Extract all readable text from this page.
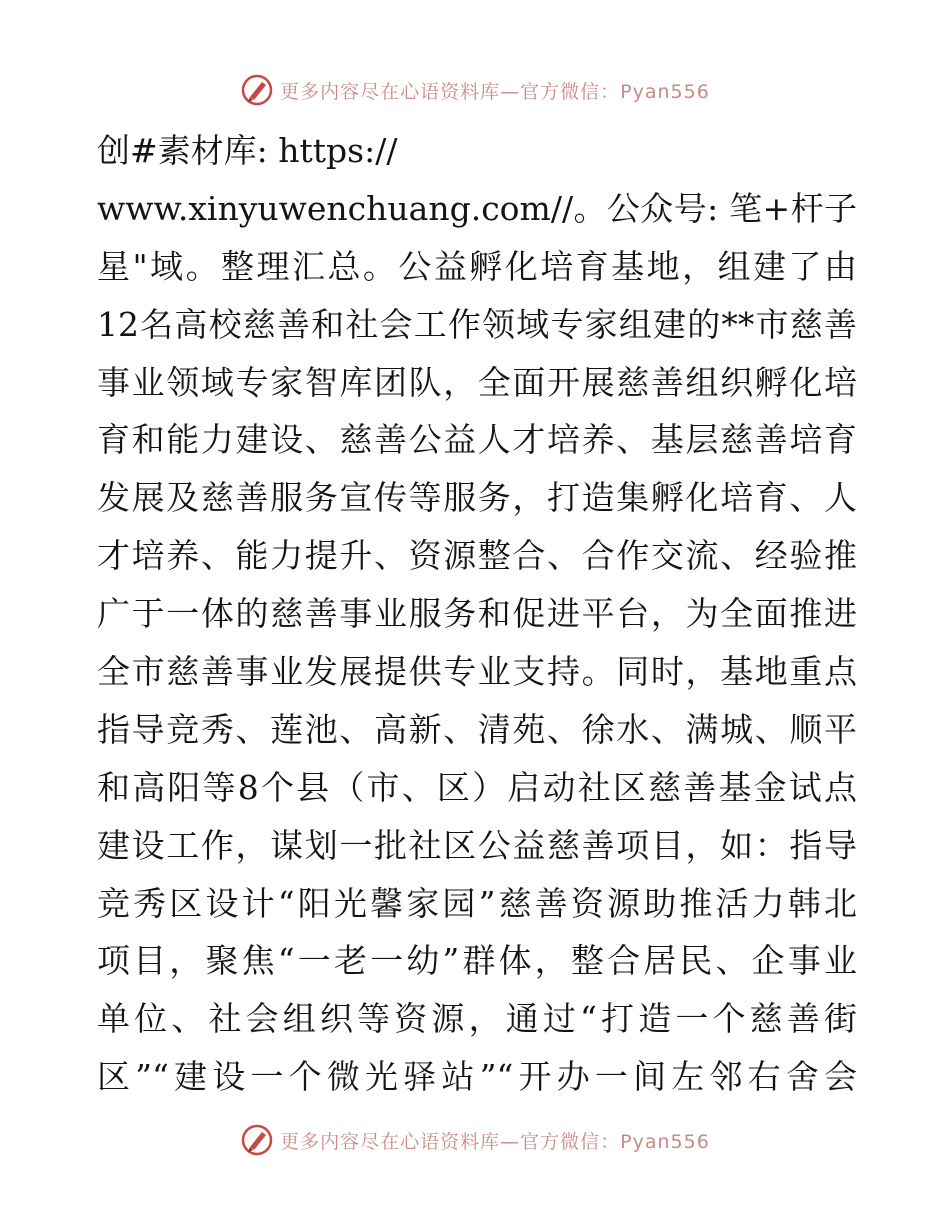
更多内容尽在心语资料库—官方微信：Pyan556
创#素材库: https://
www.xinyuwenchuang.com//。公众号: 笔+杆子
星"域。整理汇总。公益孵化培育基地，组建了由
12名高校慈善和社会工作领域专家组建的**市慈善
事业领域专家智库团队，全面开展慈善组织孵化培
育和能力建设、慈善公益人才培养、基层慈善培育
发展及慈善服务宣传等服务，打造集孵化培育、人
才培养、能力提升、资源整合、合作交流、经验推
广于一体的慈善事业服务和促进平台，为全面推进
全市慈善事业发展提供专业支持。同时，基地重点
指导竞秀、莲池、高新、清苑、徐水、满城、顺平
和高阳等8个县（市、区）启动社区慈善基金试点
建设工作，谋划一批社区公益慈善项目，如：指导
竞秀区设计“阳光馨家园”慈善资源助推活力韩北
项目，聚焦“一老一幼”群体，整合居民、企事业
单位、社会组织等资源，通过“打造一个慈善街
区”“建设一个微光驿站”“开办一间左邻右舍会
更多内容尽在心语资料库—官方微信：Pyan556
